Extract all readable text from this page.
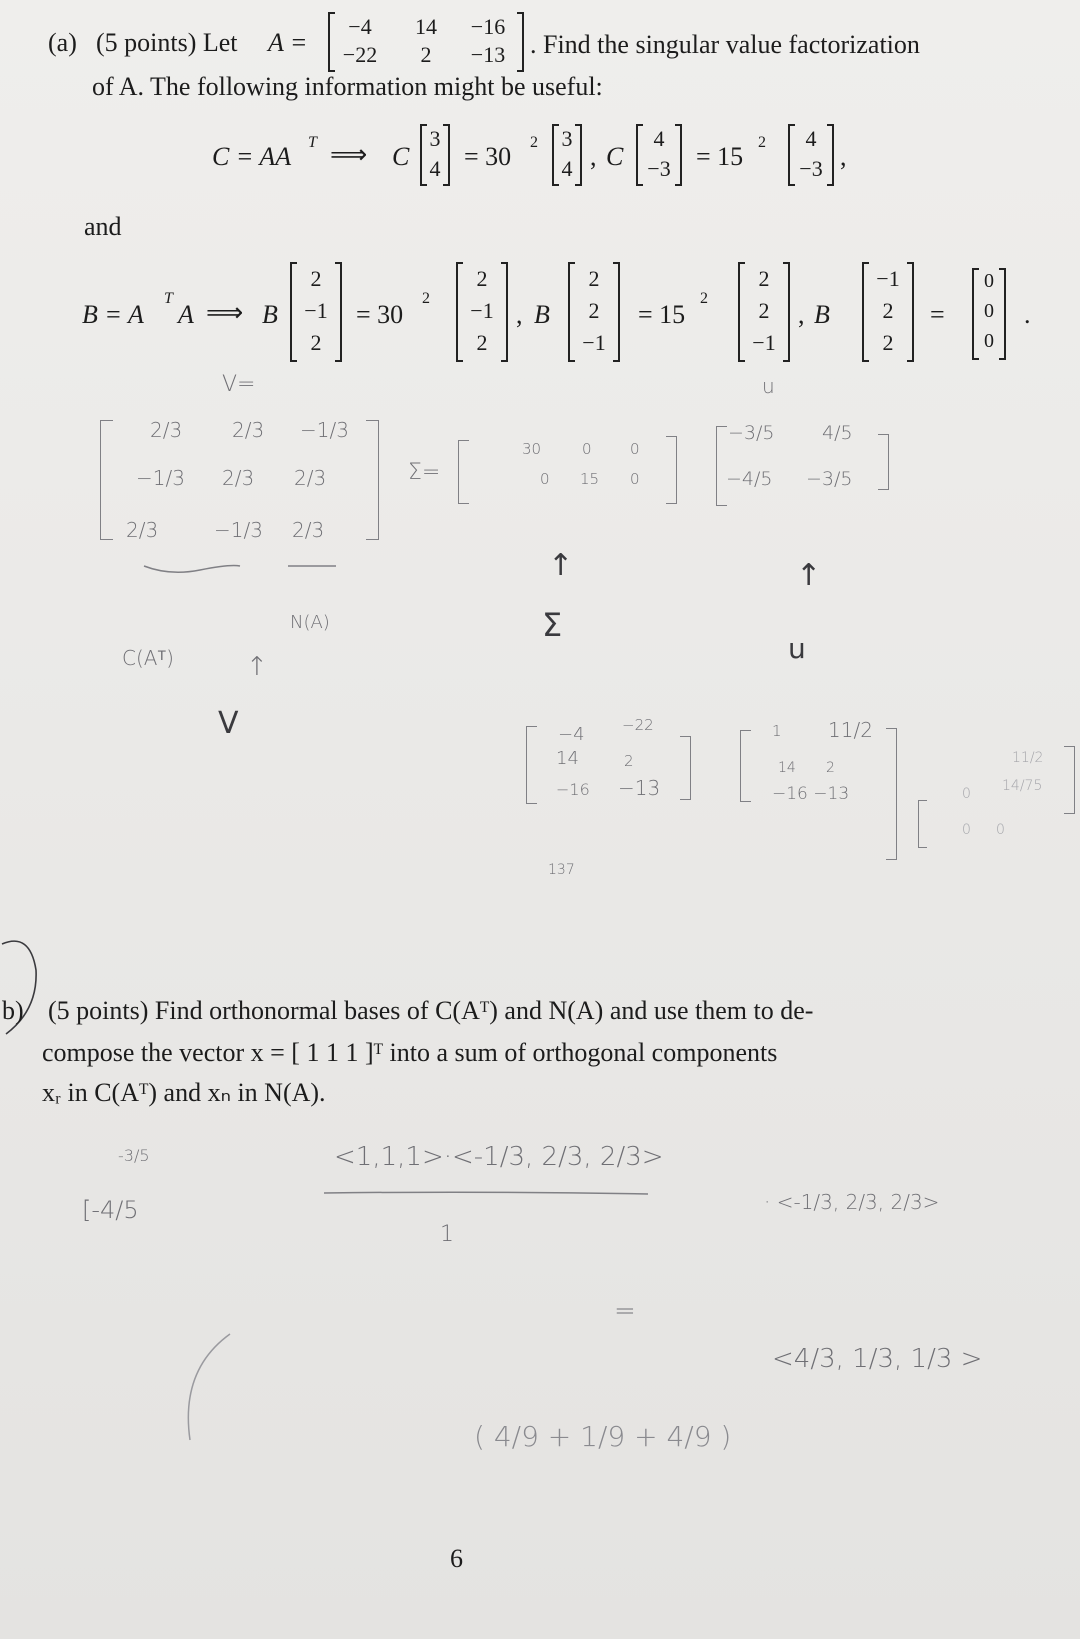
(a) (5 points) Let A =
−4	14	−16
−22	2	−13 . Find the singular value factorization
of A. The following information might be useful:
C = AA T ⟹ C
3
4 = 30 2	3
4 , C
4
−3 = 15 2	4
−3 ,
and
B = A
T
A ⟹ B
2
−1
2
= 30
2
2
−1
2
, B
2
2
−1
= 15
2
2
2
−1
, B
−1
2
2
=
0
0
0
.
V=
2/3 2/3 −1/3
−1/3 2/3 2/3
2/3	−1/3 2/3
Σ=
30	0	0
0 15 0
u
−3/5	4/5
−4/5 −3/5
C(Aᵀ)
N(A)
↑
V
↑
Σ
↑
u
−4 −22
14	2
−16 −13
137
1 11/2
14 2
−16 −13
11/2
0 14/75
0 0
b) (5 points) Find orthonormal bases of C(Aᵀ) and N(A) and use them to de-
compose the vector x = [ 1 1 1 ]ᵀ into a sum of orthogonal components
xᵣ in C(Aᵀ) and xₙ in N(A).
-3/5
[-4/5
<1,1,1>·<-1/3, 2/3, 2/3>
1
· <-1/3, 2/3, 2/3>
=
<4/3, 1/3, 1/3 >
( 4/9 + 1/9 + 4/9 )
6
